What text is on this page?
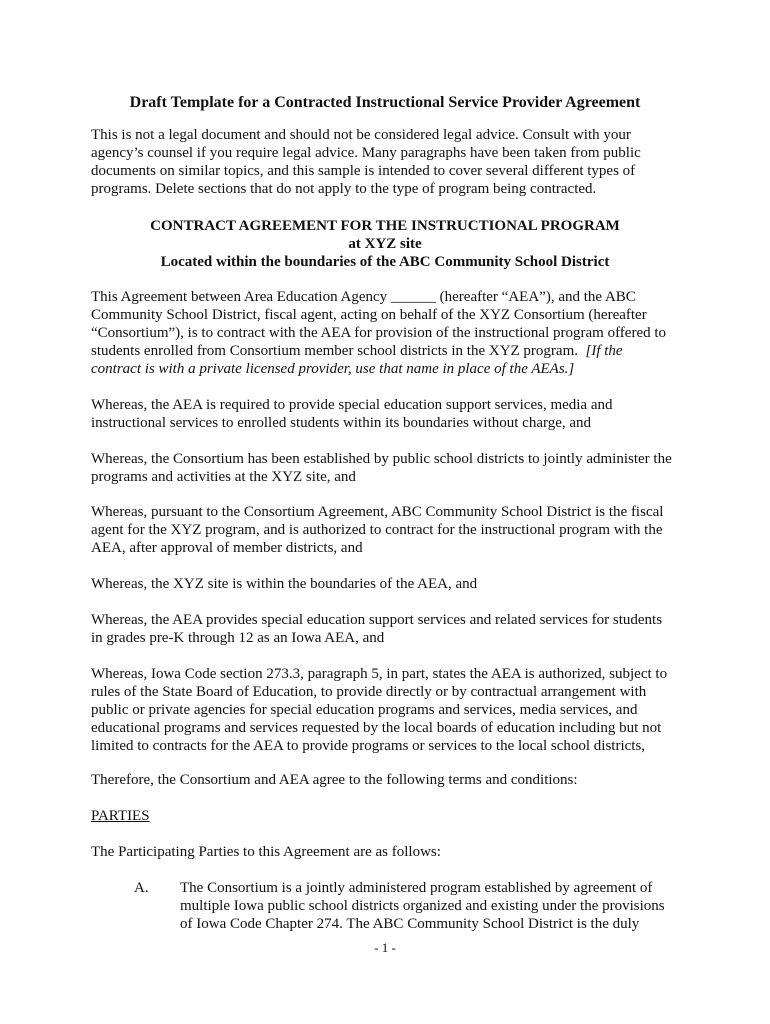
Draft Template for a Contracted Instructional Service Provider Agreement
This is not a legal document and should not be considered legal advice. Consult with your
agency’s counsel if you require legal advice. Many paragraphs have been taken from public
documents on similar topics, and this sample is intended to cover several different types of
programs. Delete sections that do not apply to the type of program being contracted.
CONTRACT AGREEMENT FOR THE INSTRUCTIONAL PROGRAM
at XYZ site
Located within the boundaries of the ABC Community School District
This Agreement between Area Education Agency ______ (hereafter “AEA”), and the ABC
Community School District, fiscal agent, acting on behalf of the XYZ Consortium (hereafter
“Consortium”), is to contract with the AEA for provision of the instructional program offered to
students enrolled from Consortium member school districts in the XYZ program. [If the
contract is with a private licensed provider, use that name in place of the AEAs.]
Whereas, the AEA is required to provide special education support services, media and
instructional services to enrolled students within its boundaries without charge, and
Whereas, the Consortium has been established by public school districts to jointly administer the
programs and activities at the XYZ site, and
Whereas, pursuant to the Consortium Agreement, ABC Community School District is the fiscal
agent for the XYZ program, and is authorized to contract for the instructional program with the
AEA, after approval of member districts, and
Whereas, the XYZ site is within the boundaries of the AEA, and
Whereas, the AEA provides special education support services and related services for students
in grades pre-K through 12 as an Iowa AEA, and
Whereas, Iowa Code section 273.3, paragraph 5, in part, states the AEA is authorized, subject to
rules of the State Board of Education, to provide directly or by contractual arrangement with
public or private agencies for special education programs and services, media services, and
educational programs and services requested by the local boards of education including but not
limited to contracts for the AEA to provide programs or services to the local school districts,
Therefore, the Consortium and AEA agree to the following terms and conditions:
PARTIES
The Participating Parties to this Agreement are as follows:
A. The Consortium is a jointly administered program established by agreement of
multiple Iowa public school districts organized and existing under the provisions
of Iowa Code Chapter 274. The ABC Community School District is the duly
- 1 -
